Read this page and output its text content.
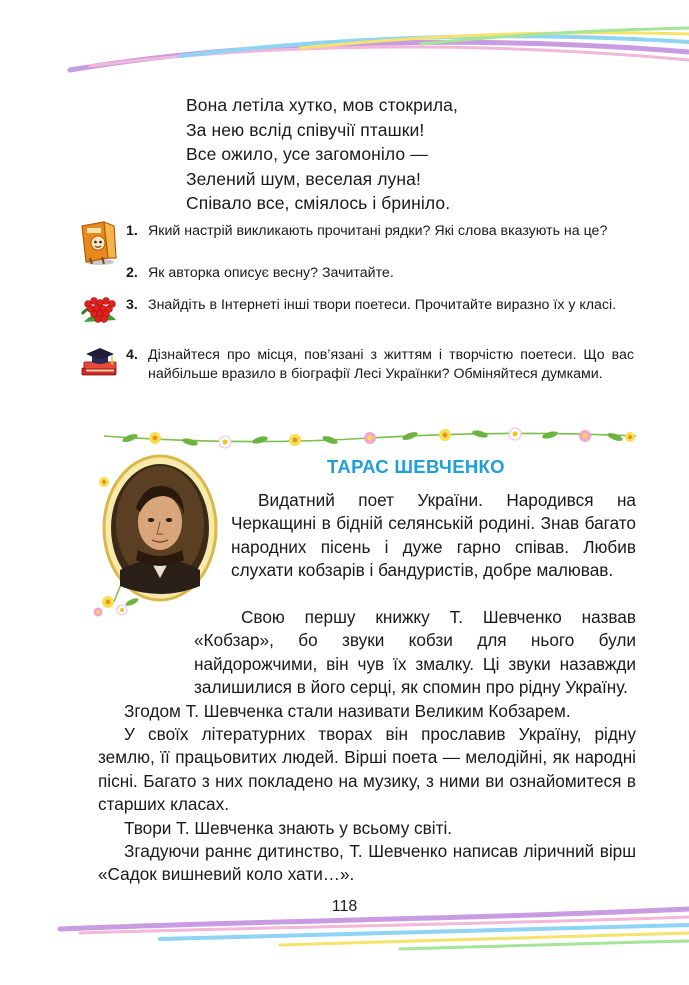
Вона летіла хутко, мов стокрила,
За нею вслід співучії пташки!
Все ожило, усе загомоніло —
Зелений шум, веселая луна!
Співало все, сміялось і бриніло.
1. Який настрій викликають прочитані рядки? Які слова вказують на це?
2. Як авторка описує весну? Зачитайте.
3. Знайдіть в Інтернеті інші твори поетеси. Прочитайте виразно їх у класі.
4. Дізнайтеся про місця, пов’язані з життям і творчістю поетеси. Що вас найбільше вразило в біографії Лесі Українки? Обміняйтеся думками.
ТАРАС ШЕВЧЕНКО
Видатний поет України. Народився на Черкащині в бідній селянській родині. Знав багато народних пісень і дуже гарно співав. Любив слухати кобзарів і бандуристів, добре малював.
Свою першу книжку Т. Шевченко назвав «Кобзар», бо звуки кобзи для нього були найдорожчими, він чув їх змалку. Ці звуки назавжди залишилися в його серці, як спомин про рідну Україну.
Згодом Т. Шевченка стали називати Великим Кобзарем.
У своїх літературних творах він прославив Україну, рідну землю, її працьовитих людей. Вірші поета — мелодійні, як народні пісні. Багато з них покладено на музику, з ними ви ознайомитеся в старших класах.
Твори Т. Шевченка знають у всьому світі.
Згадуючи раннє дитинство, Т. Шевченко написав ліричний вірш «Садок вишневий коло хати…».
118
